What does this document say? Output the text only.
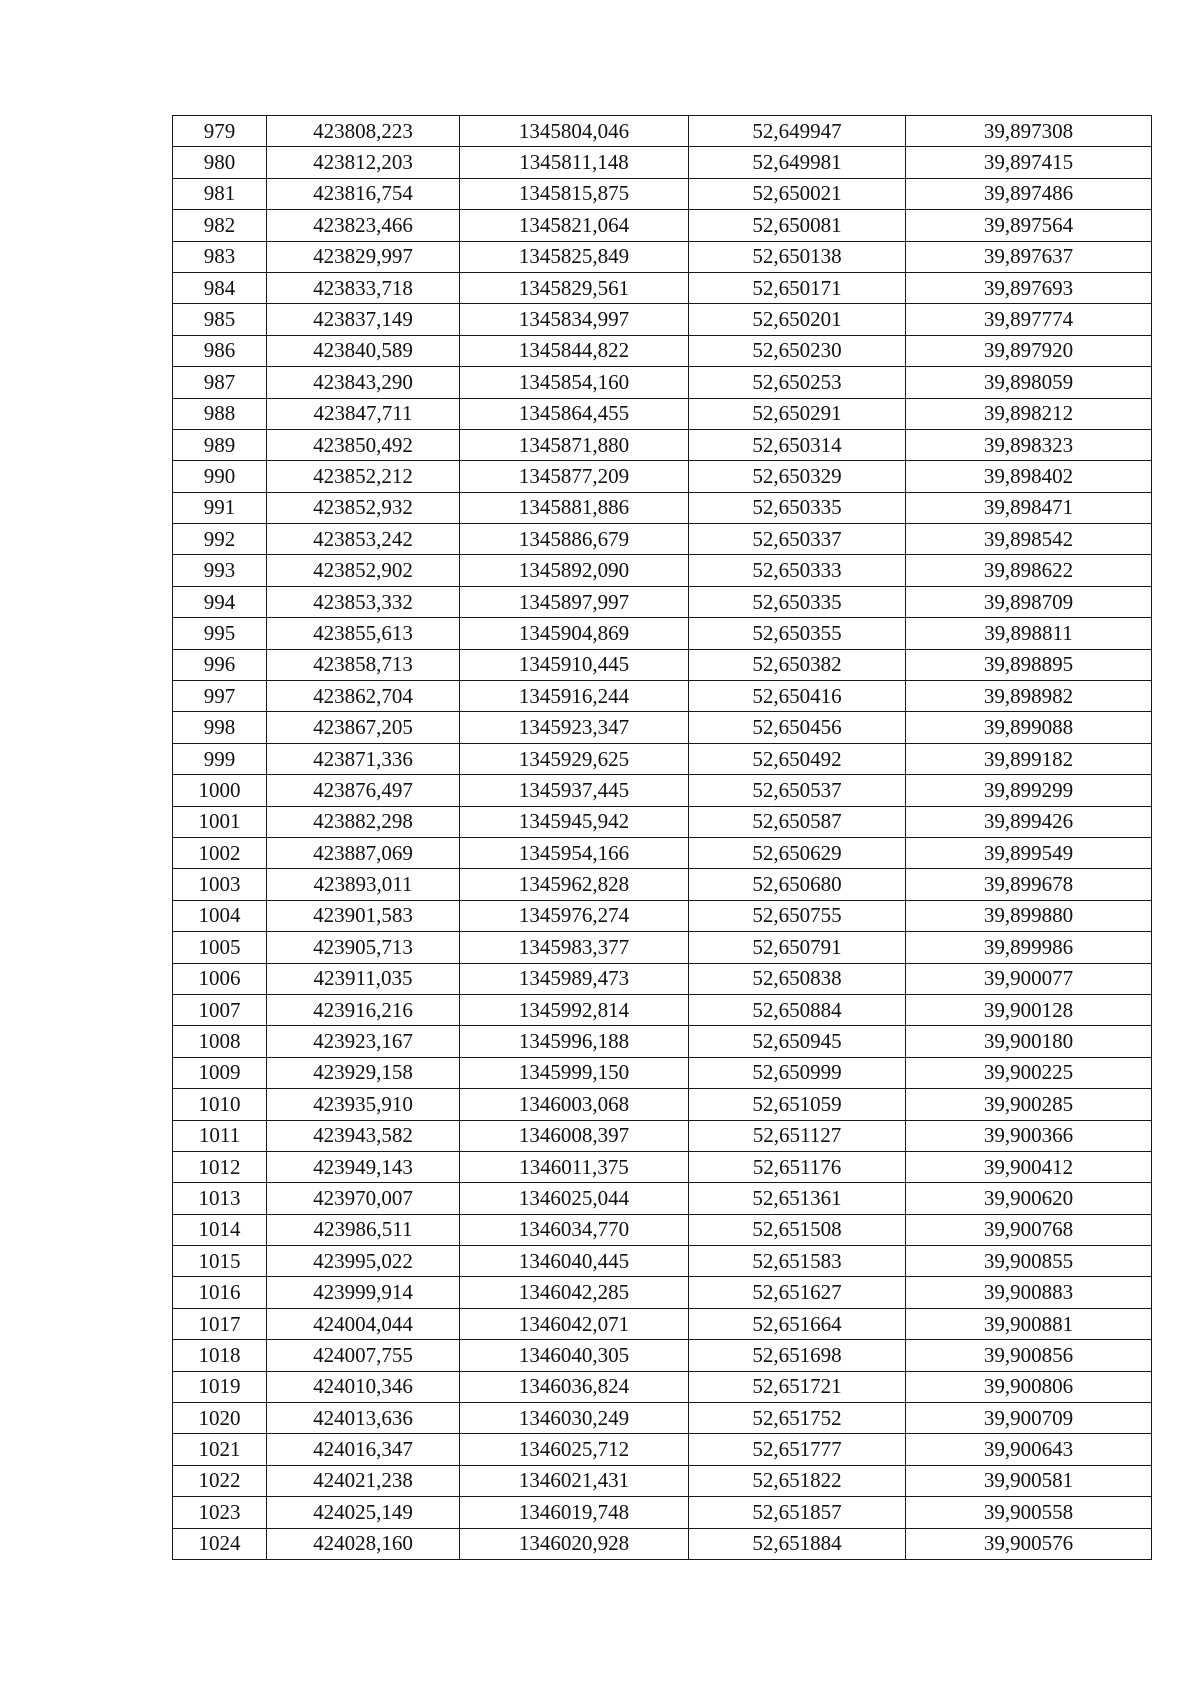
979	423808,223	1345804,046	52,649947	39,897308
980	423812,203	1345811,148	52,649981	39,897415
981	423816,754	1345815,875	52,650021	39,897486
982	423823,466	1345821,064	52,650081	39,897564
983	423829,997	1345825,849	52,650138	39,897637
984	423833,718	1345829,561	52,650171	39,897693
985	423837,149	1345834,997	52,650201	39,897774
986	423840,589	1345844,822	52,650230	39,897920
987	423843,290	1345854,160	52,650253	39,898059
988	423847,711	1345864,455	52,650291	39,898212
989	423850,492	1345871,880	52,650314	39,898323
990	423852,212	1345877,209	52,650329	39,898402
991	423852,932	1345881,886	52,650335	39,898471
992	423853,242	1345886,679	52,650337	39,898542
993	423852,902	1345892,090	52,650333	39,898622
994	423853,332	1345897,997	52,650335	39,898709
995	423855,613	1345904,869	52,650355	39,898811
996	423858,713	1345910,445	52,650382	39,898895
997	423862,704	1345916,244	52,650416	39,898982
998	423867,205	1345923,347	52,650456	39,899088
999	423871,336	1345929,625	52,650492	39,899182
1000	423876,497	1345937,445	52,650537	39,899299
1001	423882,298	1345945,942	52,650587	39,899426
1002	423887,069	1345954,166	52,650629	39,899549
1003	423893,011	1345962,828	52,650680	39,899678
1004	423901,583	1345976,274	52,650755	39,899880
1005	423905,713	1345983,377	52,650791	39,899986
1006	423911,035	1345989,473	52,650838	39,900077
1007	423916,216	1345992,814	52,650884	39,900128
1008	423923,167	1345996,188	52,650945	39,900180
1009	423929,158	1345999,150	52,650999	39,900225
1010	423935,910	1346003,068	52,651059	39,900285
1011	423943,582	1346008,397	52,651127	39,900366
1012	423949,143	1346011,375	52,651176	39,900412
1013	423970,007	1346025,044	52,651361	39,900620
1014	423986,511	1346034,770	52,651508	39,900768
1015	423995,022	1346040,445	52,651583	39,900855
1016	423999,914	1346042,285	52,651627	39,900883
1017	424004,044	1346042,071	52,651664	39,900881
1018	424007,755	1346040,305	52,651698	39,900856
1019	424010,346	1346036,824	52,651721	39,900806
1020	424013,636	1346030,249	52,651752	39,900709
1021	424016,347	1346025,712	52,651777	39,900643
1022	424021,238	1346021,431	52,651822	39,900581
1023	424025,149	1346019,748	52,651857	39,900558
1024	424028,160	1346020,928	52,651884	39,900576
